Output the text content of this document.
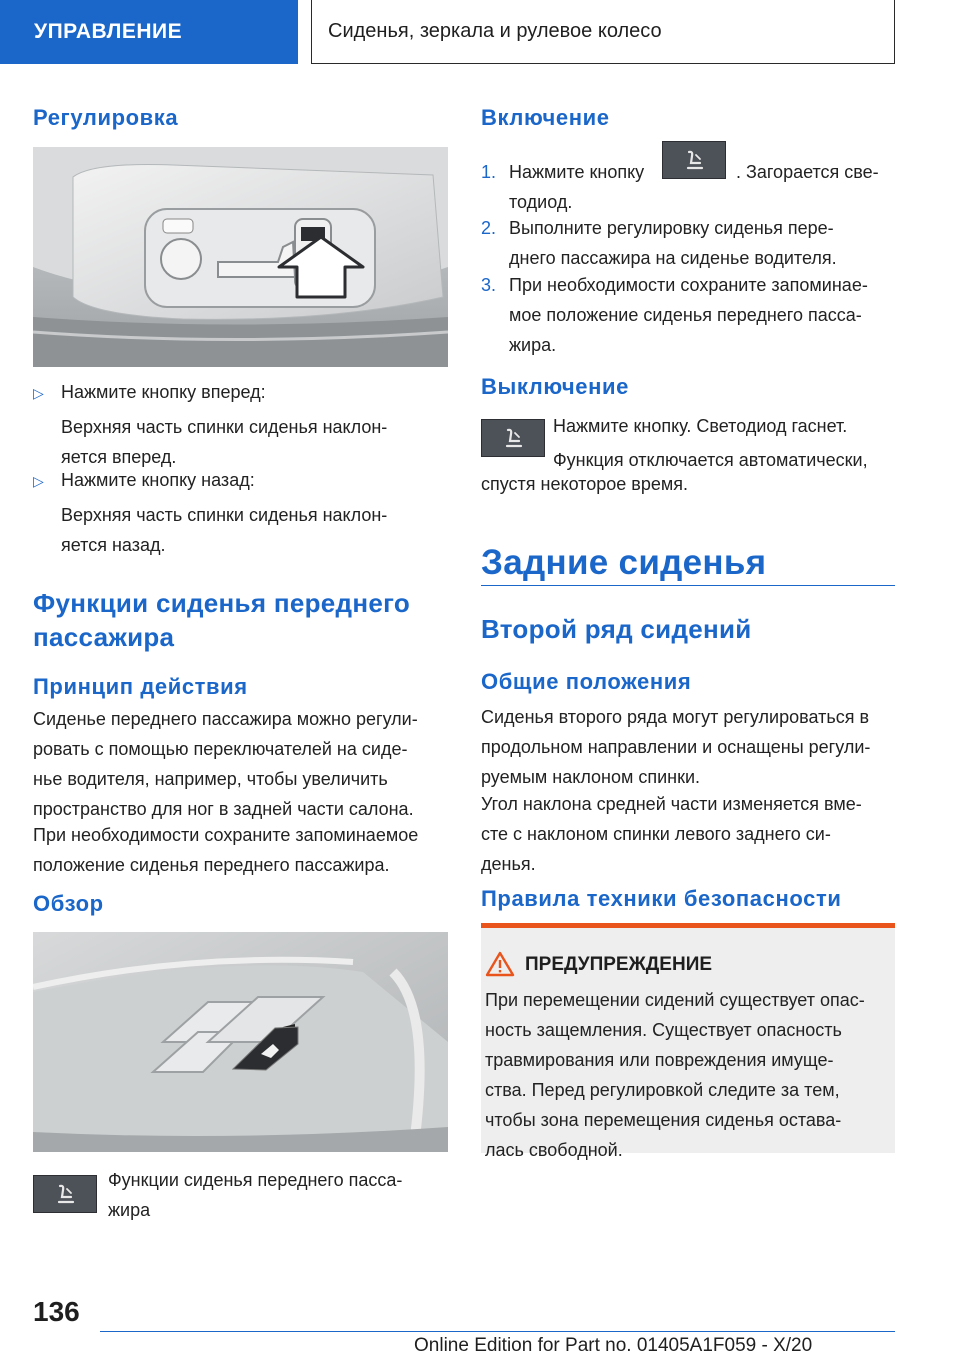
УПРАВЛЕНИЕ	Сиденья, зеркала и рулевое колесо
Регулировка
▷ Нажмите кнопку вперед:
Верхняя часть спинки сиденья наклон-
яется вперед.
▷ Нажмите кнопку назад:
Верхняя часть спинки сиденья наклон-
яется назад.
Функции сиденья переднего
пассажира
Принцип действия
Сиденье переднего пассажира можно регули-
ровать с помощью переключателей на сиде-
нье водителя, например, чтобы увеличить
пространство для ног в задней части салона.
При необходимости сохраните запоминаемое
положение сиденья переднего пассажира.
Обзор
Функции сиденья переднего пасса-
жира
Включение
1. Нажмите кнопку	. Загорается све-
тодиод.
2. Выполните регулировку сиденья пере-
днего пассажира на сиденье водителя.
3. При необходимости сохраните запоминае-
мое положение сиденья переднего пасса-
жира.
Выключение
Нажмите кнопку. Светодиод гаснет.
Функция отключается автоматически,
спустя некоторое время.
Задние сиденья
Второй ряд сидений
Общие положения
Сиденья второго ряда могут регулироваться в
продольном направлении и оснащены регули-
руемым наклоном спинки.
Угол наклона средней части изменяется вме-
сте с наклоном спинки левого заднего си-
денья.
Правила техники безопасности
ПРЕДУПРЕЖДЕНИЕ
При перемещении сидений существует опас-
ность защемления. Существует опасность
травмирования или повреждения имуще-
ства. Перед регулировкой следите за тем,
чтобы зона перемещения сиденья остава-
лась свободной.
136
Online Edition for Part no. 01405A1F059 - X/20
